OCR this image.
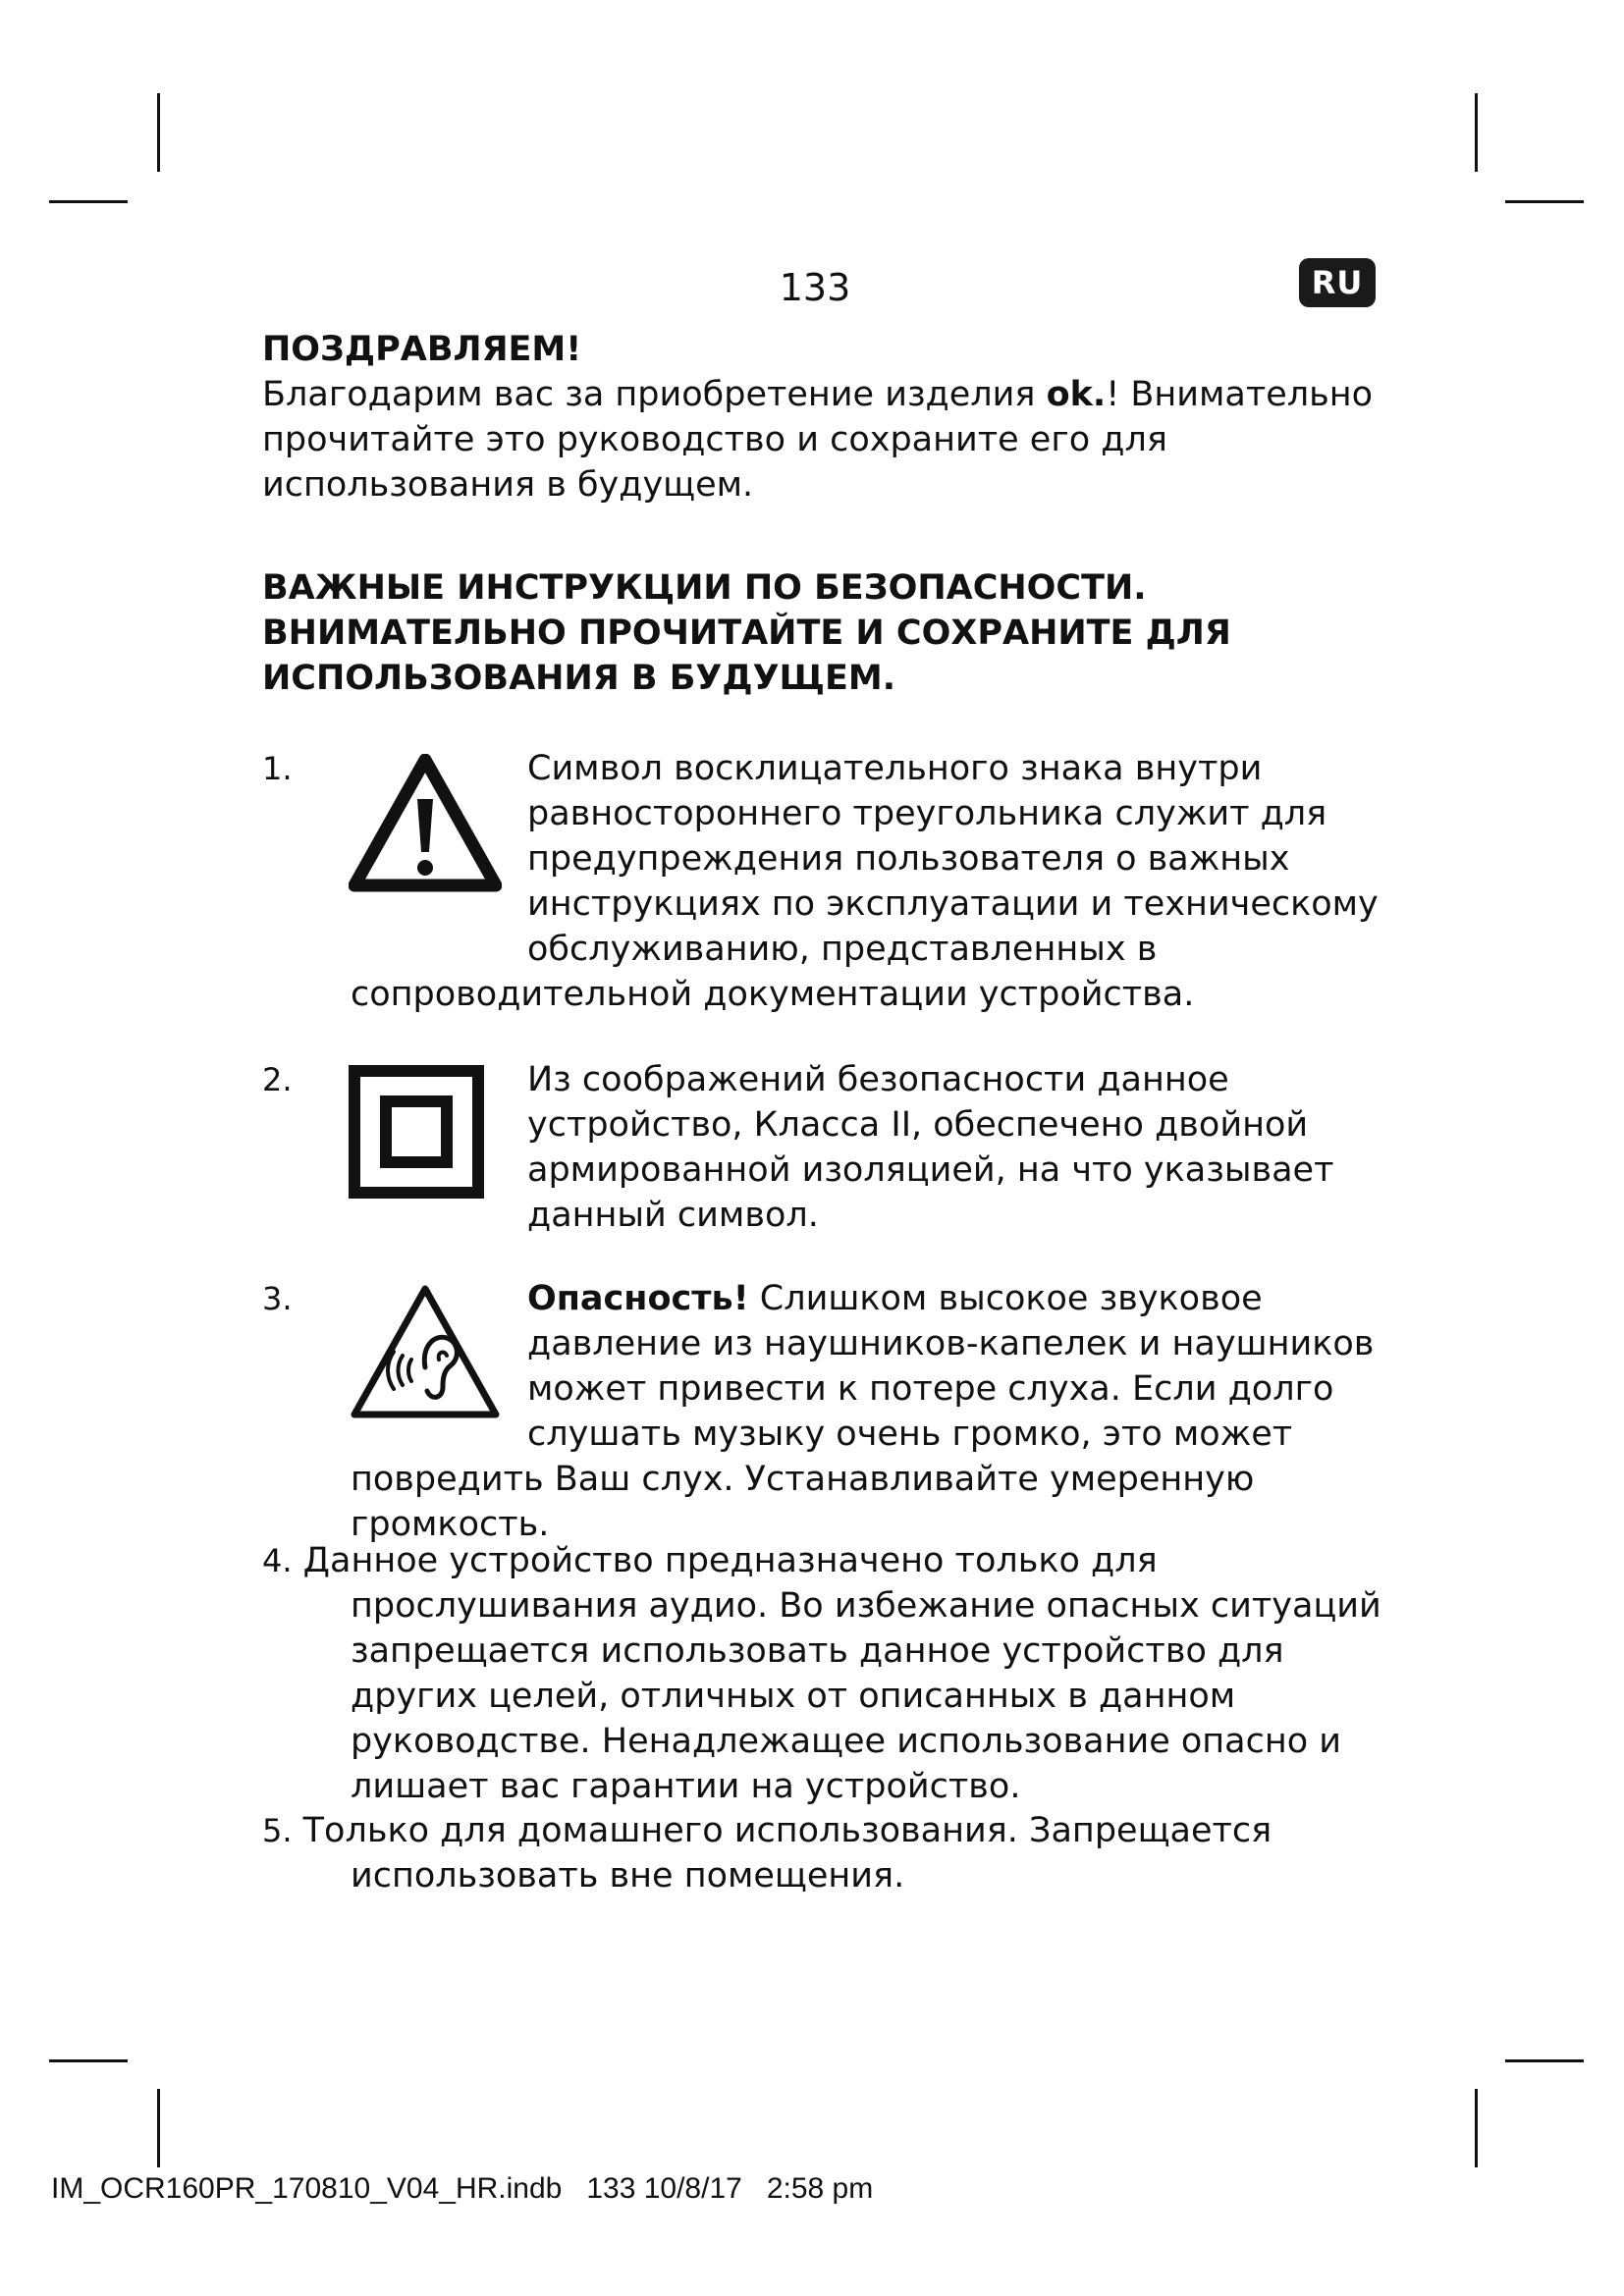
133	RU
ПОЗДРАВЛЯЕМ!
Благодарим вас за приобретение изделия ok.! Внимательно
прочитайте это руководство и сохраните его для
использования в будущем.
ВАЖНЫЕ ИНСТРУКЦИИ ПО БЕЗОПАСНОСТИ.
ВНИМАТЕЛЬНО ПРОЧИТАЙТЕ И СОХРАНИТЕ ДЛЯ
ИСПОЛЬЗОВАНИЯ В БУДУЩЕМ.
1.	Символ восклицательного знака внутри
равностороннего треугольника служит для
предупреждения пользователя о важных
инструкциях по эксплуатации и техническому
обслуживанию, представленных в
сопроводительной документации устройства.
2.	Из соображений безопасности данное
устройство, Класса II, обеспечено двойной
армированной изоляцией, на что указывает
данный символ.
3.	Опасность! Слишком высокое звуковое
давление из наушников-капелек и наушников
может привести к потере слуха. Если долго
слушать музыку очень громко, это может
повредить Ваш слух. Устанавливайте умеренную громкость.
4. Данное устройство предназначено только для
прослушивания аудио. Во избежание опасных ситуаций
запрещается использовать данное устройство для
других целей, отличных от описанных в данном
руководстве. Ненадлежащее использование опасно и
лишает вас гарантии на устройство.
5. Только для домашнего использования. Запрещается
использовать вне помещения.
IM_OCR160PR_170810_V04_HR.indb   133 10/8/17   2:58 pm
